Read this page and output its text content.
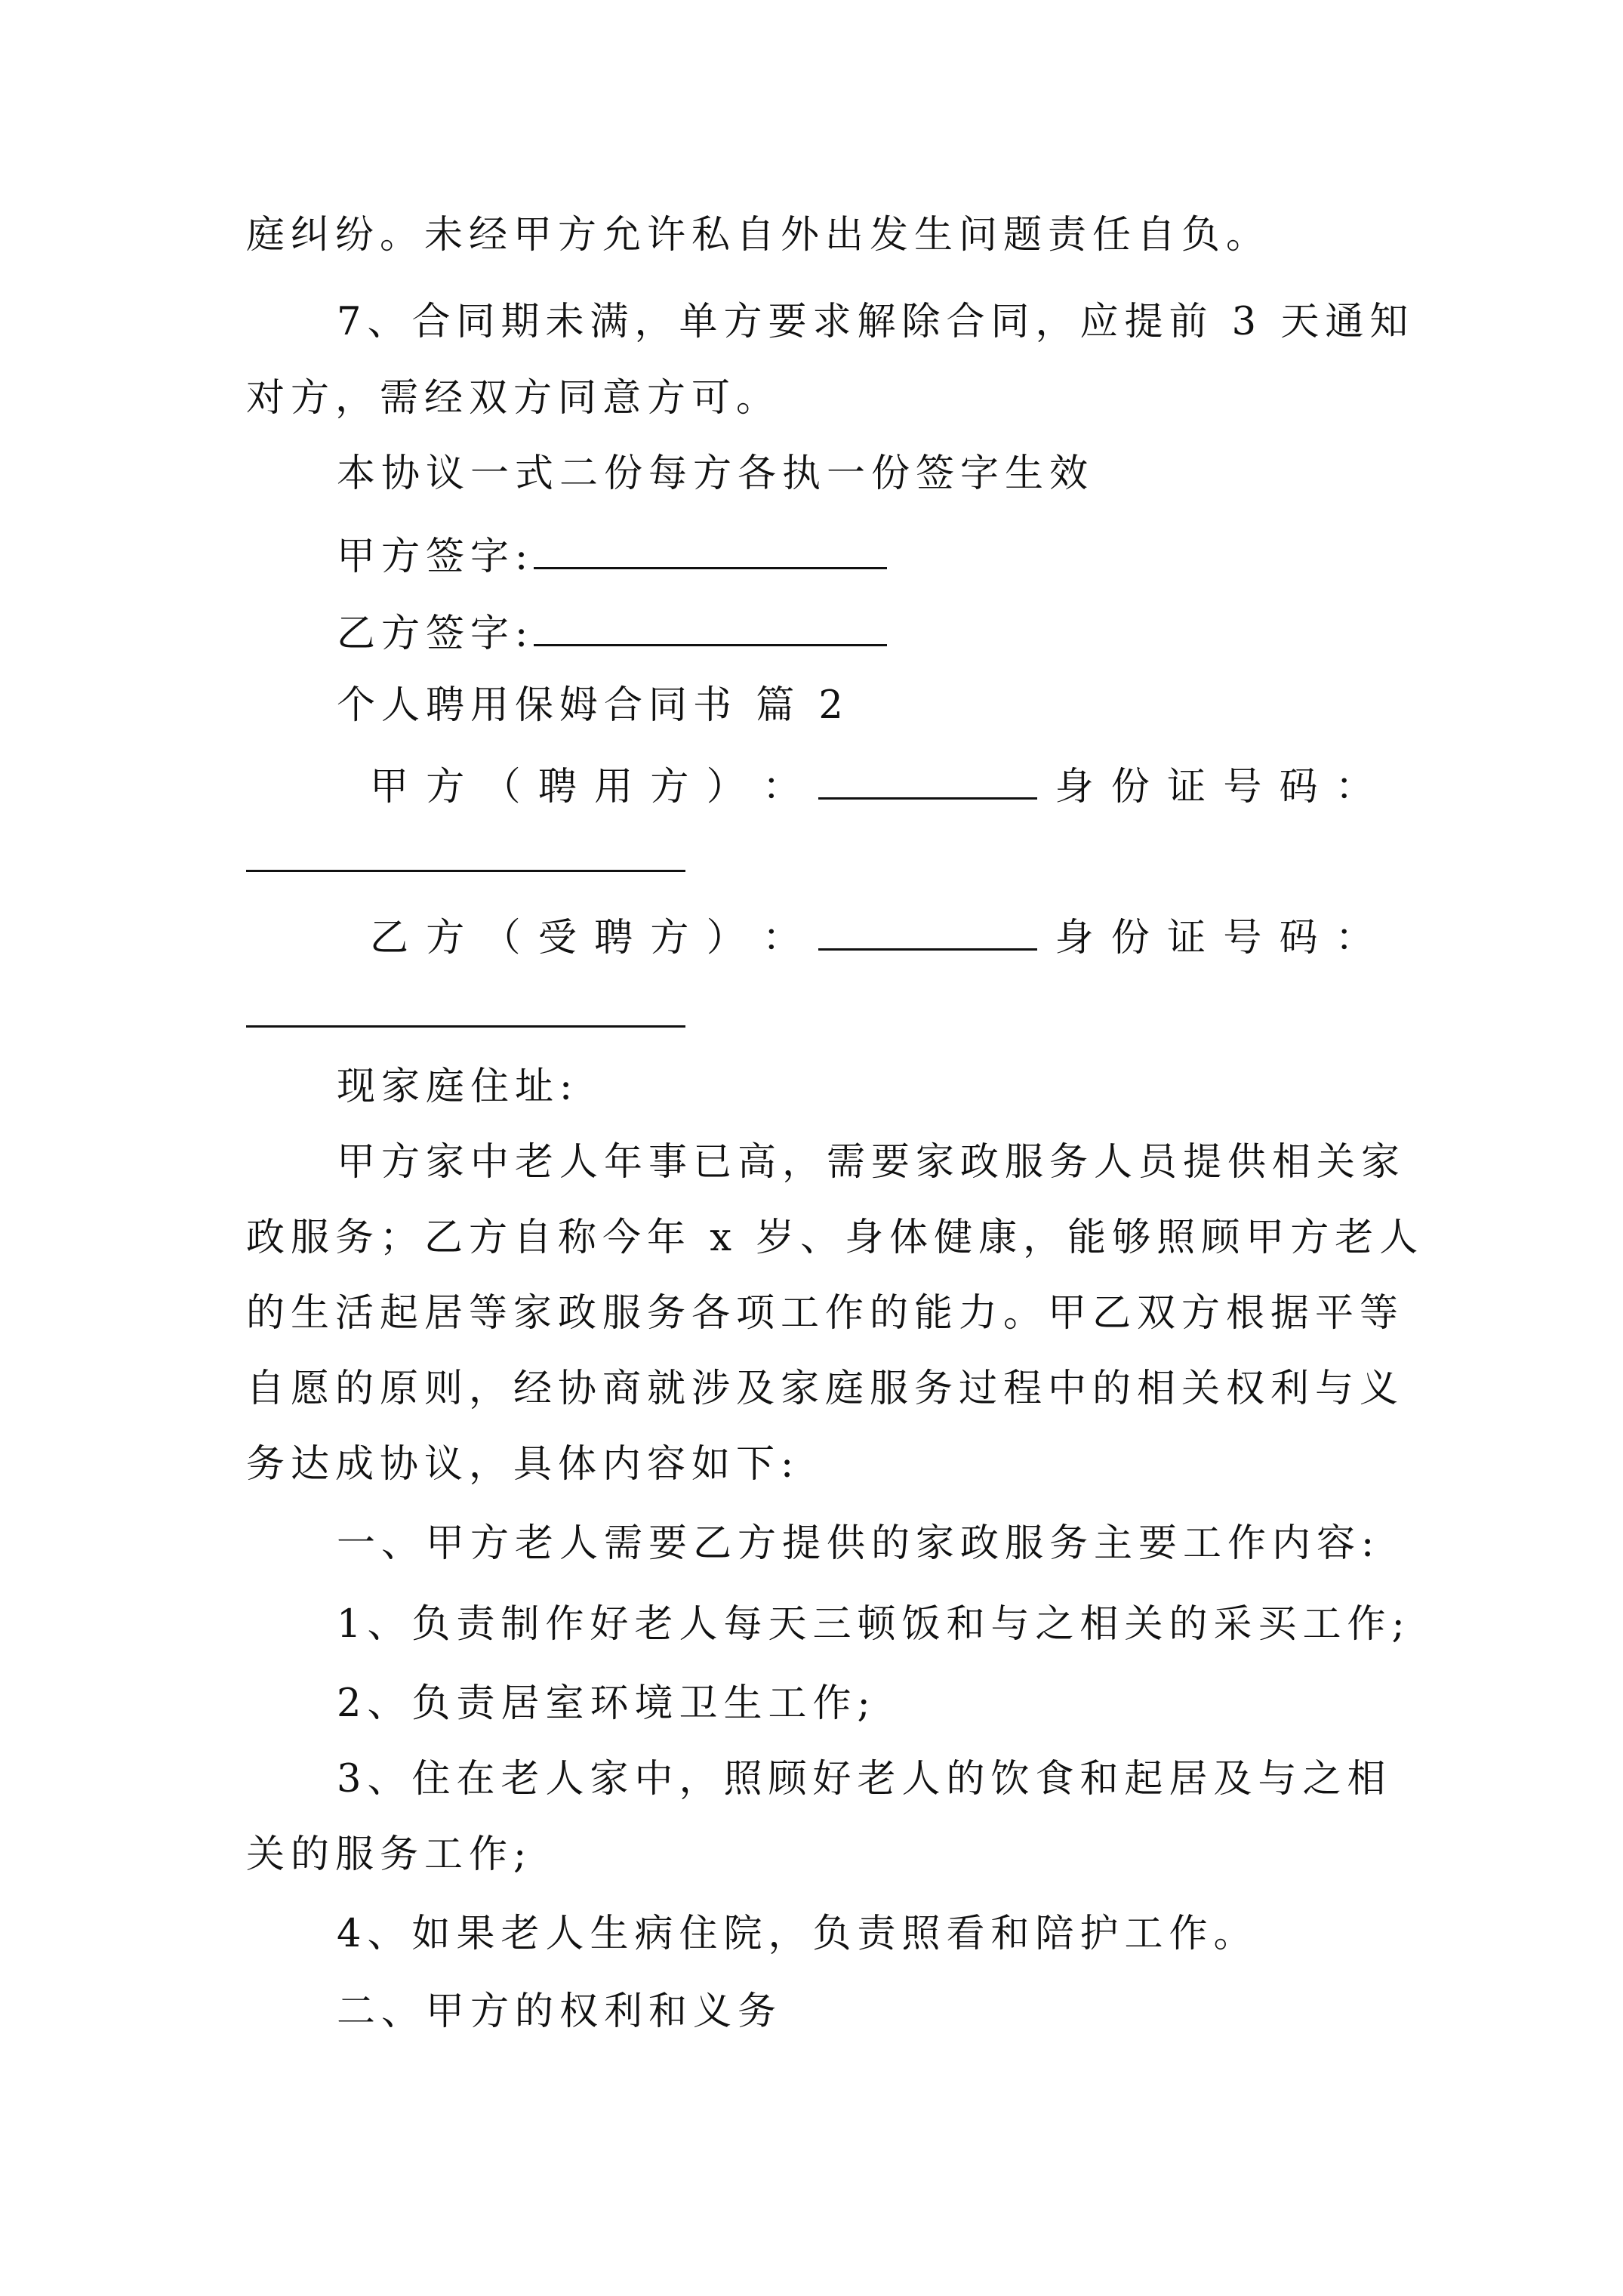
庭纠纷。未经甲方允许私自外出发生问题责任自负。
7、合同期未满，单方要求解除合同，应提前 3 天通知
对方，需经双方同意方可。
本协议一式二份每方各执一份签字生效
甲方签字:
乙方签字:
个人聘用保姆合同书 篇 2
甲 方 （ 聘 用 方 ） ：	身 份 证 号 码 ：
乙 方 （ 受 聘 方 ） ：	身 份 证 号 码 ：
现家庭住址:
甲方家中老人年事已高，需要家政服务人员提供相关家
政服务；乙方自称今年 x 岁、身体健康，能够照顾甲方老人
的生活起居等家政服务各项工作的能力。甲乙双方根据平等
自愿的原则，经协商就涉及家庭服务过程中的相关权利与义
务达成协议，具体内容如下:
一、甲方老人需要乙方提供的家政服务主要工作内容:
1、负责制作好老人每天三顿饭和与之相关的采买工作;
2、负责居室环境卫生工作;
3、住在老人家中，照顾好老人的饮食和起居及与之相
关的服务工作;
4、如果老人生病住院，负责照看和陪护工作。
二、甲方的权利和义务
